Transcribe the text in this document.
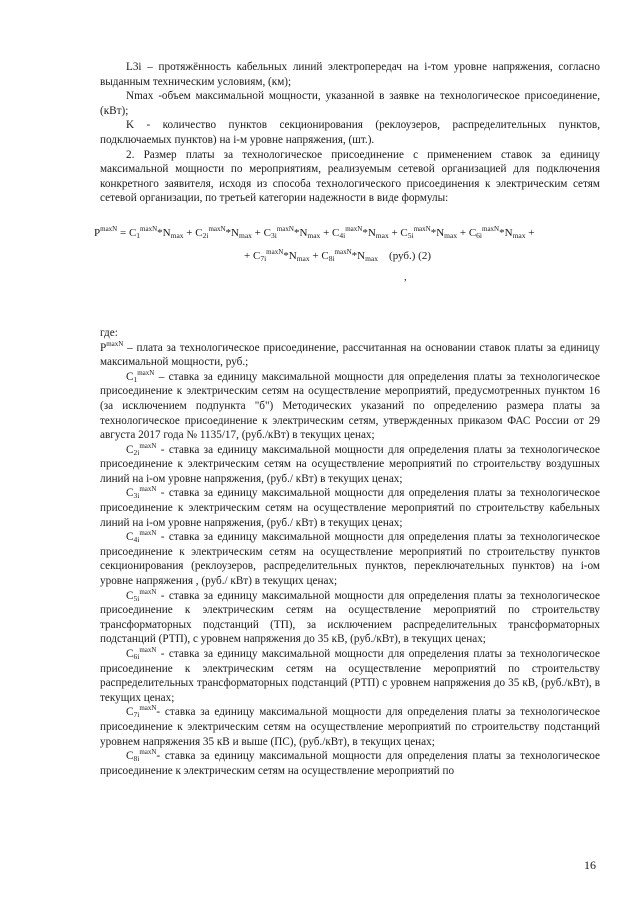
L3i – протяжённость кабельных линий электропередач на i-том уровне напряжения, согласно выданным техническим условиям, (км);

Nmax -объем максимальной мощности, указанной в заявке на технологическое присоединение, (кВт);

K - количество пунктов секционирования (реклоузеров, распределительных пунктов, подключаемых пунктов) на i-м уровне напряжения, (шт.).

2. Размер платы за технологическое присоединение с применением ставок за единицу максимальной мощности по мероприятиям, реализуемым сетевой организацией для подключения конкретного заявителя, исходя из способа технологического присоединения к электрическим сетям сетевой организации, по третьей категории надежности в виде формулы:

$P^{maxN} = C_1^{maxN}*N_{max} + C_{2i}^{maxN}*N_{max} + C_{3i}^{maxN}*N_{max} + C_{4i}^{maxN}*N_{max} + C_{5i}^{maxN}*N_{max} + C_{6i}^{maxN}*N_{max}$ +
+ $C_{7i}^{maxN}*N_{max} + C_{8i}^{maxN}*N_{max}$ (руб.) (2)
,

где:

$P^{maxN}$ – плата за технологическое присоединение, рассчитанная на основании ставок платы за единицу максимальной мощности, руб.;

$C_1^{maxN}$ – ставка за единицу максимальной мощности для определения платы за технологическое присоединение к электрическим сетям на осуществление мероприятий, предусмотренных пунктом 16 (за исключением подпункта "б") Методических указаний по определению размера платы за технологическое присоединение к электрическим сетям, утвержденных приказом ФАС России от 29 августа 2017 года № 1135/17, (руб./кВт) в текущих ценах;

$C_{2i}^{maxN}$ - ставка за единицу максимальной мощности для определения платы за технологическое присоединение к электрическим сетям на осуществление мероприятий по строительству воздушных линий на i-ом уровне напряжения, (руб./ кВт) в текущих ценах;

$C_{3i}^{maxN}$ - ставка за единицу максимальной мощности для определения платы за технологическое присоединение к электрическим сетям на осуществление мероприятий по строительству кабельных линий на i-ом уровне напряжения, (руб./ кВт) в текущих ценах;

$C_{4i}^{maxN}$ - ставка за единицу максимальной мощности для определения платы за технологическое присоединение к электрическим сетям на осуществление мероприятий по строительству пунктов секционирования (реклоузеров, распределительных пунктов, переключательных пунктов) на i-ом уровне напряжения , (руб./ кВт) в текущих ценах;

$C_{5i}^{maxN}$ - ставка за единицу максимальной мощности для определения платы за технологическое присоединение к электрическим сетям на осуществление мероприятий по строительству трансформаторных подстанций (ТП), за исключением распределительных трансформаторных подстанций (РТП), с уровнем напряжения до 35 кВ, (руб./кВт), в текущих ценах;

$C_{6i}^{maxN}$ - ставка за единицу максимальной мощности для определения платы за технологическое присоединение к электрическим сетям на осуществление мероприятий по строительству распределительных трансформаторных подстанций (РТП) с уровнем напряжения до 35 кВ, (руб./кВт), в текущих ценах;

$C_{7i}^{maxN}-$ ставка за единицу максимальной мощности для определения платы за технологическое присоединение к электрическим сетям на осуществление мероприятий по строительству подстанций уровнем напряжения 35 кВ и выше (ПС), (руб./кВт), в текущих ценах;

$C_{8i}^{maxN}-$ ставка за единицу максимальной мощности для определения платы за технологическое присоединение к электрическим сетям на осуществление мероприятий по

16
